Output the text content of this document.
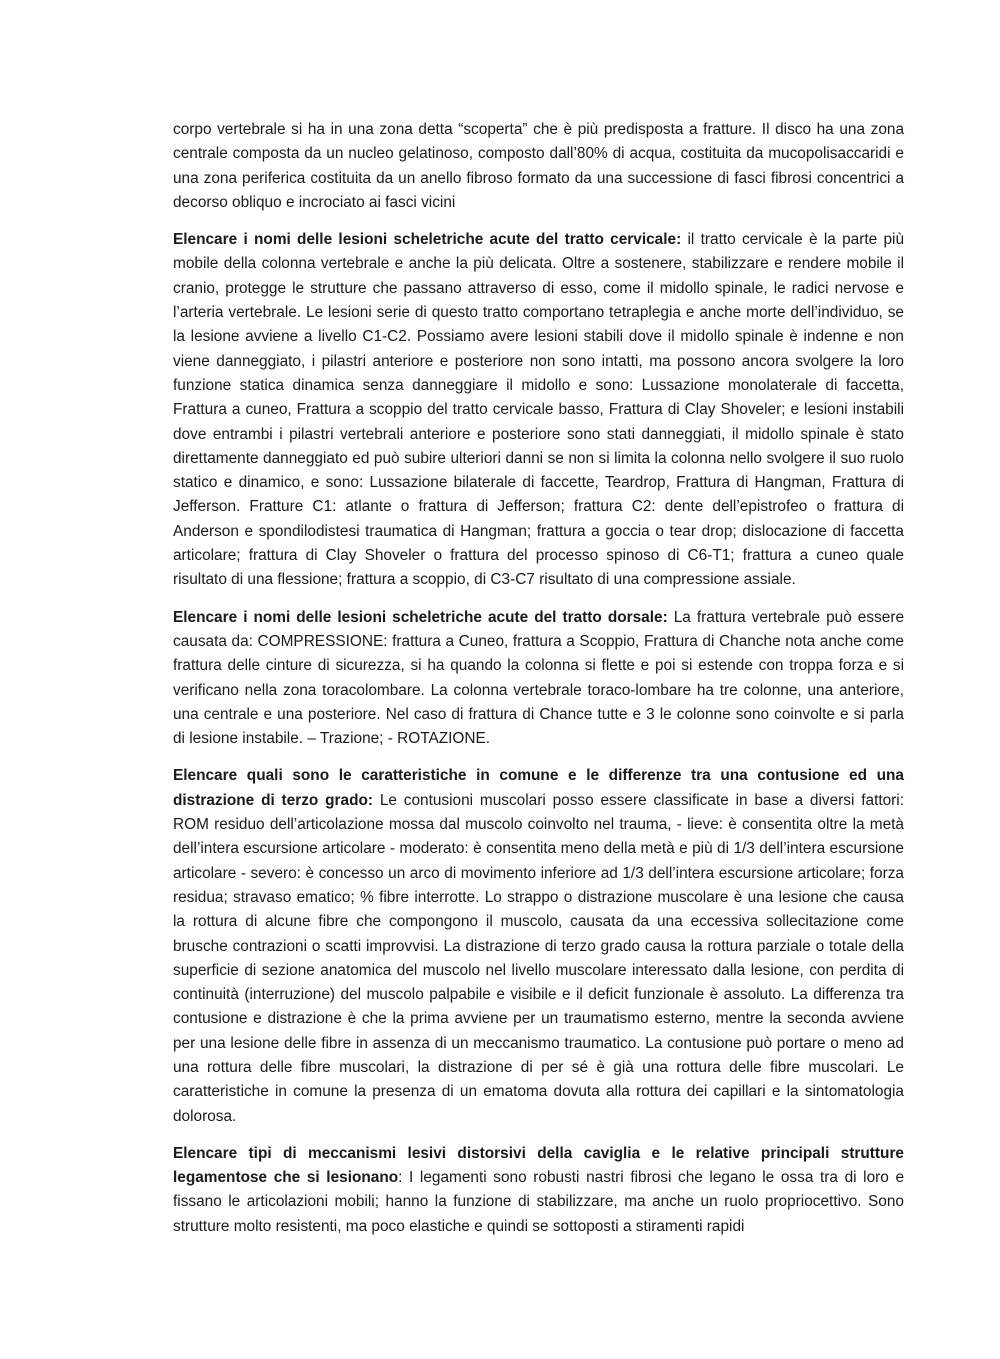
corpo vertebrale si ha in una zona detta “scoperta” che è più predisposta a fratture. Il disco ha una zona centrale composta da un nucleo gelatinoso, composto dall’80% di acqua, costituita da mucopolisaccaridi e una zona periferica costituita da un anello fibroso formato da una successione di fasci fibrosi concentrici a decorso obliquo e incrociato ai fasci vicini

Elencare i nomi delle lesioni scheletriche acute del tratto cervicale: il tratto cervicale è la parte più mobile della colonna vertebrale e anche la più delicata. Oltre a sostenere, stabilizzare e rendere mobile il cranio, protegge le strutture che passano attraverso di esso, come il midollo spinale, le radici nervose e l’arteria vertebrale. Le lesioni serie di questo tratto comportano tetraplegia e anche morte dell’individuo, se la lesione avviene a livello C1-C2. Possiamo avere lesioni stabili dove il midollo spinale è indenne e non viene danneggiato, i pilastri anteriore e posteriore non sono intatti, ma possono ancora svolgere la loro funzione statica dinamica senza danneggiare il midollo e sono: Lussazione monolaterale di faccetta, Frattura a cuneo, Frattura a scoppio del tratto cervicale basso, Frattura di Clay Shoveler; e lesioni instabili dove entrambi i pilastri vertebrali anteriore e posteriore sono stati danneggiati, il midollo spinale è stato direttamente danneggiato ed può subire ulteriori danni se non si limita la colonna nello svolgere il suo ruolo statico e dinamico, e sono: Lussazione bilaterale di faccette, Teardrop, Frattura di Hangman, Frattura di Jefferson. Fratture C1: atlante o frattura di Jefferson; frattura C2: dente dell’epistrofeo o frattura di Anderson e spondilodistesi traumatica di Hangman; frattura a goccia o tear drop; dislocazione di faccetta articolare; frattura di Clay Shoveler o frattura del processo spinoso di C6-T1; frattura a cuneo quale risultato di una flessione; frattura a scoppio, di C3-C7 risultato di una compressione assiale.

Elencare i nomi delle lesioni scheletriche acute del tratto dorsale: La frattura vertebrale può essere causata da: COMPRESSIONE: frattura a Cuneo, frattura a Scoppio, Frattura di Chanche nota anche come frattura delle cinture di sicurezza, si ha quando la colonna si flette e poi si estende con troppa forza e si verificano nella zona toracolombare. La colonna vertebrale toraco-lombare ha tre colonne, una anteriore, una centrale e una posteriore. Nel caso di frattura di Chance tutte e 3 le colonne sono coinvolte e si parla di lesione instabile. – Trazione; - ROTAZIONE.

Elencare quali sono le caratteristiche in comune e le differenze tra una contusione ed una distrazione di terzo grado: Le contusioni muscolari posso essere classificate in base a diversi fattori: ROM residuo dell’articolazione mossa dal muscolo coinvolto nel trauma, - lieve: è consentita oltre la metà dell’intera escursione articolare - moderato: è consentita meno della metà e più di 1/3 dell’intera escursione articolare - severo: è concesso un arco di movimento inferiore ad 1/3 dell’intera escursione articolare; forza residua; stravaso ematico; % fibre interrotte. Lo strappo o distrazione muscolare è una lesione che causa la rottura di alcune fibre che compongono il muscolo, causata da una eccessiva sollecitazione come brusche contrazioni o scatti improvvisi. La distrazione di terzo grado causa la rottura parziale o totale della superficie di sezione anatomica del muscolo nel livello muscolare interessato dalla lesione, con perdita di continuità (interruzione) del muscolo palpabile e visibile e il deficit funzionale è assoluto. La differenza tra contusione e distrazione è che la prima avviene per un traumatismo esterno, mentre la seconda avviene per una lesione delle fibre in assenza di un meccanismo traumatico. La contusione può portare o meno ad una rottura delle fibre muscolari, la distrazione di per sé è già una rottura delle fibre muscolari. Le caratteristiche in comune la presenza di un ematoma dovuta alla rottura dei capillari e la sintomatologia dolorosa.

Elencare tipi di meccanismi lesivi distorsivi della caviglia e le relative principali strutture legamentose che si lesionano: I legamenti sono robusti nastri fibrosi che legano le ossa tra di loro e fissano le articolazioni mobili; hanno la funzione di stabilizzare, ma anche un ruolo propriocettivo. Sono strutture molto resistenti, ma poco elastiche e quindi se sottoposti a stiramenti rapidi
